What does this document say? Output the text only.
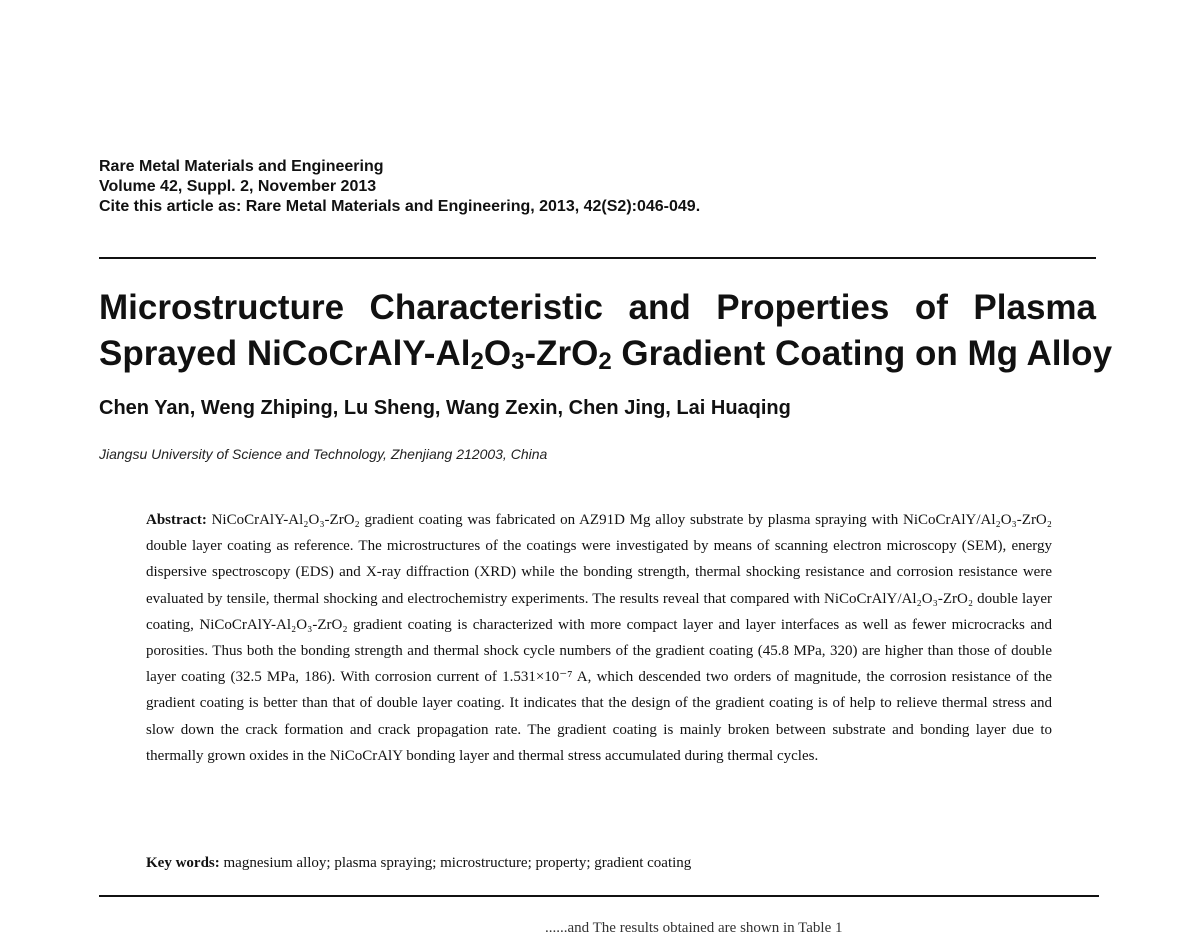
Rare Metal Materials and Engineering
Volume 42, Suppl. 2, November 2013
Cite this article as: Rare Metal Materials and Engineering, 2013, 42(S2):046-049.
Microstructure Characteristic and Properties of Plasma
Sprayed NiCoCrAlY-$Al_2O_3-ZrO_2$ Gradient Coating on Mg Alloy
Chen Yan, Weng Zhiping, Lu Sheng, Wang Zexin, Chen Jing, Lai Huaqing
Jiangsu University of Science and Technology, Zhenjiang 212003, China

Abstract: NiCoCrAlY-Al₂O₃-ZrO₂ gradient coating was fabricated on AZ91D Mg alloy substrate by plasma spraying with NiCoCrAlY/Al₂O₃-ZrO₂ double layer coating as reference. The microstructures of the coatings were investigated by means of scanning electron microscopy (SEM), energy dispersive spectroscopy (EDS) and X-ray diffraction (XRD) while the bonding strength, thermal shocking resistance and corrosion resistance were evaluated by tensile, thermal shocking and electrochemistry experiments. The results reveal that compared with NiCoCrAlY/Al₂O₃-ZrO₂ double layer coating, NiCoCrAlY-Al₂O₃-ZrO₂ gradient coating is characterized with more compact layer and layer interfaces as well as fewer microcracks and porosities. Thus both the bonding strength and thermal shock cycle numbers of the gradient coating (45.8 MPa, 320) are higher than those of double layer coating (32.5 MPa, 186). With corrosion current of 1.531×10⁻⁷ A, which descended two orders of magnitude, the corrosion resistance of the gradient coating is better than that of double layer coating. It indicates that the design of the gradient coating is of help to relieve thermal stress and slow down the crack formation and crack propagation rate. The gradient coating is mainly broken between substrate and bonding layer due to thermally grown oxides in the NiCoCrAlY bonding layer and thermal stress accumulated during thermal cycles.

Key words: magnesium alloy; plasma spraying; microstructure; property; gradient coating
......and The results obtained are shown in Table 1
